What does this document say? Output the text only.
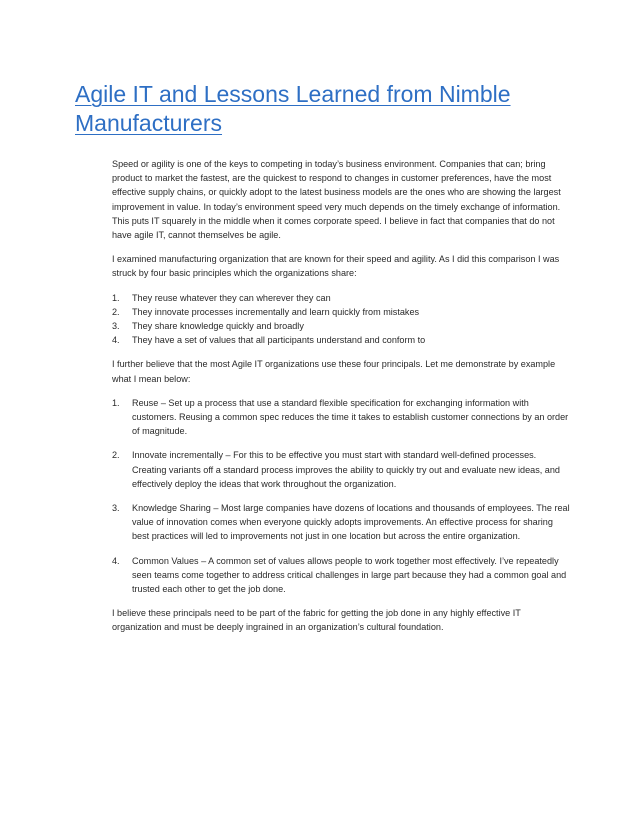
Agile IT and Lessons Learned from Nimble Manufacturers

Speed or agility is one of the keys to competing in today’s business environment. Companies that can; bring product to market the fastest, are the quickest to respond to changes in customer preferences, have the most effective supply chains, or quickly adopt to the latest business models are the ones who are showing the largest improvement in value. In today’s environment speed very much depends on the timely exchange of information. This puts IT squarely in the middle when it comes corporate speed. I believe in fact that companies that do not have agile IT, cannot themselves be agile.

I examined manufacturing organization that are known for their speed and agility. As I did this comparison I was struck by four basic principles which the organizations share:

1. They reuse whatever they can wherever they can
2. They innovate processes incrementally and learn quickly from mistakes
3. They share knowledge quickly and broadly
4. They have a set of values that all participants understand and conform to

I further believe that the most Agile IT organizations use these four principals. Let me demonstrate by example what I mean below:

1. Reuse – Set up a process that use a standard flexible specification for exchanging information with customers. Reusing a common spec reduces the time it takes to establish customer connections by an order of magnitude.
2. Innovate incrementally – For this to be effective you must start with standard well-defined processes. Creating variants off a standard process improves the ability to quickly try out and evaluate new ideas, and effectively deploy the ideas that work throughout the organization.
3. Knowledge Sharing – Most large companies have dozens of locations and thousands of employees. The real value of innovation comes when everyone quickly adopts improvements. An effective process for sharing best practices will led to improvements not just in one location but across the entire organization.
4. Common Values – A common set of values allows people to work together most effectively. I’ve repeatedly seen teams come together to address critical challenges in large part because they had a common goal and trusted each other to get the job done.

I believe these principals need to be part of the fabric for getting the job done in any highly effective IT organization and must be deeply ingrained in an organization’s cultural foundation.
